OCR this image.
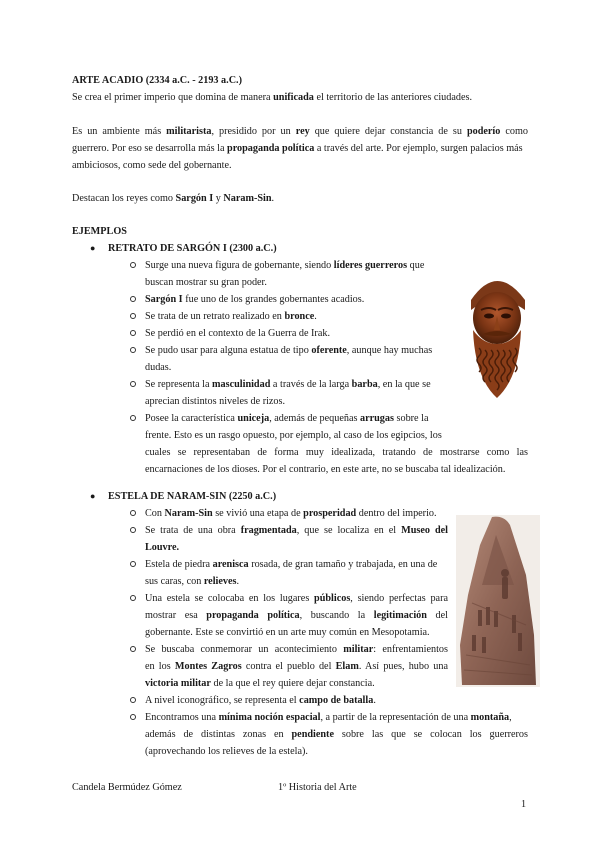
ARTE ACADIO (2334 a.C. - 2193 a.C.)
Se crea el primer imperio que domina de manera unificada el territorio de las anteriores ciudades.
Es un ambiente más militarista, presidido por un rey que quiere dejar constancia de su poderío como
guerrero. Por eso se desarrolla más la propaganda política a través del arte. Por ejemplo, surgen palacios más
ambiciosos, como sede del gobernante.
Destacan los reyes como Sargón I y Naram-Sin.
EJEMPLOS
● RETRATO DE SARGÓN I (2300 a.C.)
Surge una nueva figura de gobernante, siendo líderes guerreros que
buscan mostrar su gran poder.
Sargón I fue uno de los grandes gobernantes acadios.
Se trata de un retrato realizado en bronce.
Se perdió en el contexto de la Guerra de Irak.
Se pudo usar para alguna estatua de tipo oferente, aunque hay muchas
dudas.
Se representa la masculinidad a través de la larga barba, en la que se
aprecian distintos niveles de rizos.
Posee la característica unicejа, además de pequeñas arrugas sobre la
frente. Esto es un rasgo opuesto, por ejemplo, al caso de los egipcios, los
cuales se representaban de forma muy idealizada, tratando de mostrarse como las
encarnaciones de los dioses. Por el contrario, en este arte, no se buscaba tal idealización.
● ESTELA DE NARAM-SIN (2250 a.C.)
Con Naram-Sin se vivió una etapa de prosperidad dentro del imperio.
Se trata de una obra fragmentada, que se localiza en el Museo del
Louvre.
Estela de piedra arenisca rosada, de gran tamaño y trabajada, en una de
sus caras, con relieves.
Una estela se colocaba en los lugares públicos, siendo perfectas para
mostrar esa propaganda política, buscando la legitimación del
gobernante. Este se convirtió en un arte muy común en Mesopotamia.
Se buscaba conmemorar un acontecimiento militar: enfrentamientos
en los Montes Zagros contra el pueblo del Elam. Así pues, hubo una
victoria militar de la que el rey quiere dejar constancia.
A nivel iconográfico, se representa el campo de batalla.
Encontramos una mínima noción espacial, a partir de la representación de una montaña,
además de distintas zonas en pendiente sobre las que se colocan los guerreros
(aprovechando los relieves de la estela).
Candela Bermúdez Gómez	1º Historia del Arte
1
